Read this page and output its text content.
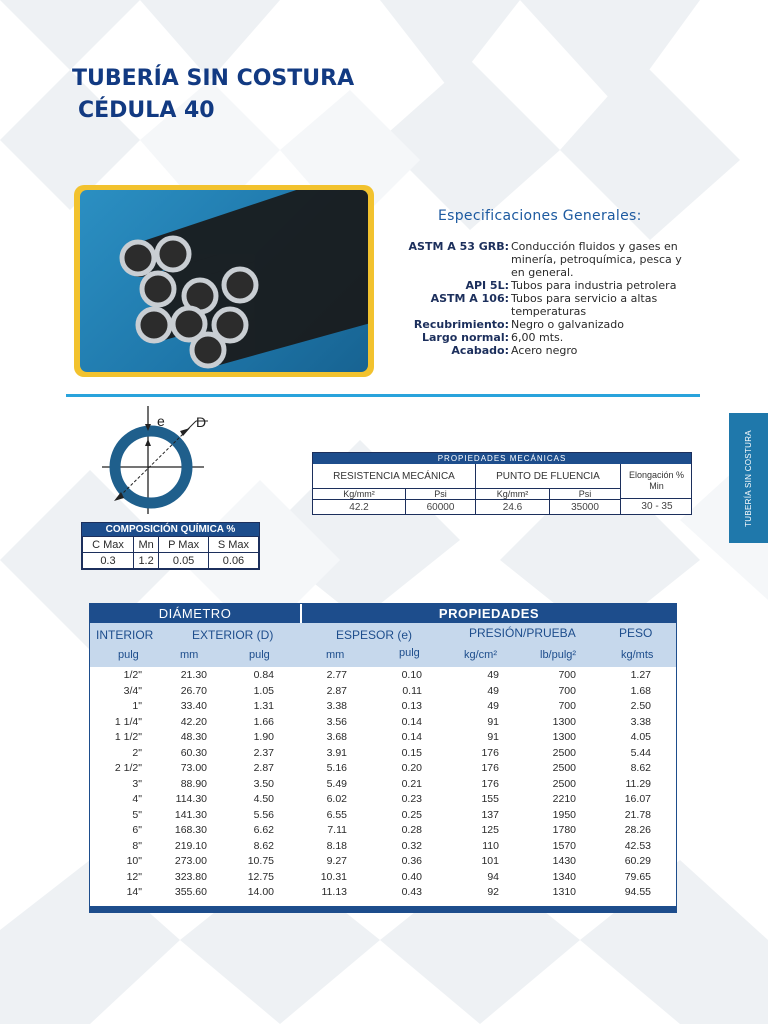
TUBERÍA SIN COSTURA
CÉDULA 40
Especificaciones Generales:
ASTM A 53 GRB: Conducción fluidos y gases en minería, petroquímica, pesca y en general.
API 5L: Tubos para industria petrolera
ASTM A 106: Tubos para servicio a altas temperaturas
Recubrimiento: Negro o galvanizado
Largo normal: 6,00 mts.
Acabado: Acero negro
TUBERÍA SIN COSTURA
e D
COMPOSICIÓN QUÍMICA %
C Max	Mn	P Max	S Max
0.3	1.2	0.05	0.06
PROPIEDADES MECÁNICAS
RESISTENCIA MECÁNICA	PUNTO DE FLUENCIA	Elongación % Min
Kg/mm²	Psi	Kg/mm²	Psi
42.2	60000	24.6	35000	30 - 35
DIÁMETRO	PROPIEDADES
INTERIOR	EXTERIOR (D)	ESPESOR (e)	PRESIÓN/PRUEBA	PESO
pulg	mm	pulg	mm	pulg	kg/cm²	lb/pulg²	kg/mts
1/2"	21.30	0.84	2.77	0.10	49	700	1.27
3/4"	26.70	1.05	2.87	0.11	49	700	1.68
1"	33.40	1.31	3.38	0.13	49	700	2.50
1 1/4"	42.20	1.66	3.56	0.14	91	1300	3.38
1 1/2"	48.30	1.90	3.68	0.14	91	1300	4.05
2"	60.30	2.37	3.91	0.15	176	2500	5.44
2 1/2"	73.00	2.87	5.16	0.20	176	2500	8.62
3"	88.90	3.50	5.49	0.21	176	2500	11.29
4"	114.30	4.50	6.02	0.23	155	2210	16.07
5"	141.30	5.56	6.55	0.25	137	1950	21.78
6"	168.30	6.62	7.11	0.28	125	1780	28.26
8"	219.10	8.62	8.18	0.32	110	1570	42.53
10"	273.00	10.75	9.27	0.36	101	1430	60.29
12"	323.80	12.75	10.31	0.40	94	1340	79.65
14"	355.60	14.00	11.13	0.43	92	1310	94.55
